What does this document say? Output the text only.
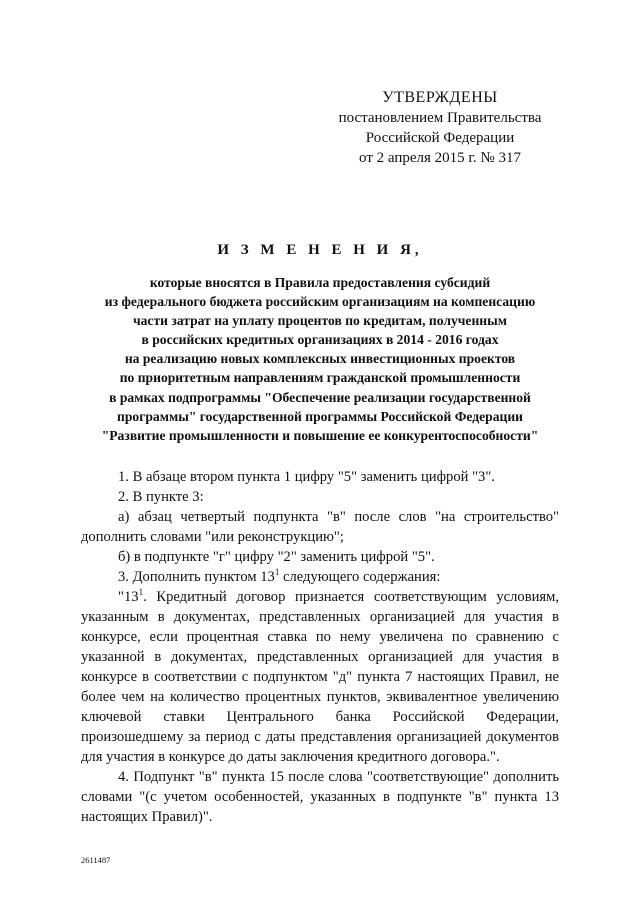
УТВЕРЖДЕНЫ
постановлением Правительства
Российской Федерации
от 2 апреля 2015 г. № 317
И З М Е Н Е Н И Я,
которые вносятся в Правила предоставления субсидий
из федерального бюджета российским организациям на компенсацию
части затрат на уплату процентов по кредитам, полученным
в российских кредитных организациях в 2014 - 2016 годах
на реализацию новых комплексных инвестиционных проектов
по приоритетным направлениям гражданской промышленности
в рамках подпрограммы "Обеспечение реализации государственной
программы" государственной программы Российской Федерации
"Развитие промышленности и повышение ее конкурентоспособности"

1. В абзаце втором пункта 1 цифру "5" заменить цифрой "3".

2. В пункте 3:

а) абзац четвертый подпункта "в" после слов "на строительство" дополнить словами "или реконструкцию";

б) в подпункте "г" цифру "2" заменить цифрой "5".

3. Дополнить пунктом $13^1$ следующего содержания:

"$13^1$. Кредитный договор признается соответствующим условиям, указанным в документах, представленных организацией для участия в конкурсе, если процентная ставка по нему увеличена по сравнению с указанной в документах, представленных организацией для участия в конкурсе в соответствии с подпунктом "д" пункта 7 настоящих Правил, не более чем на количество процентных пунктов, эквивалентное увеличению ключевой ставки Центрального банка Российской Федерации, произошедшему за период с даты представления организацией документов для участия в конкурсе до даты заключения кредитного договора.".

4. Подпункт "в" пункта 15 после слова "соответствующие" дополнить словами "(с учетом особенностей, указанных в подпункте "в" пункта 13 настоящих Правил)".

2611487
